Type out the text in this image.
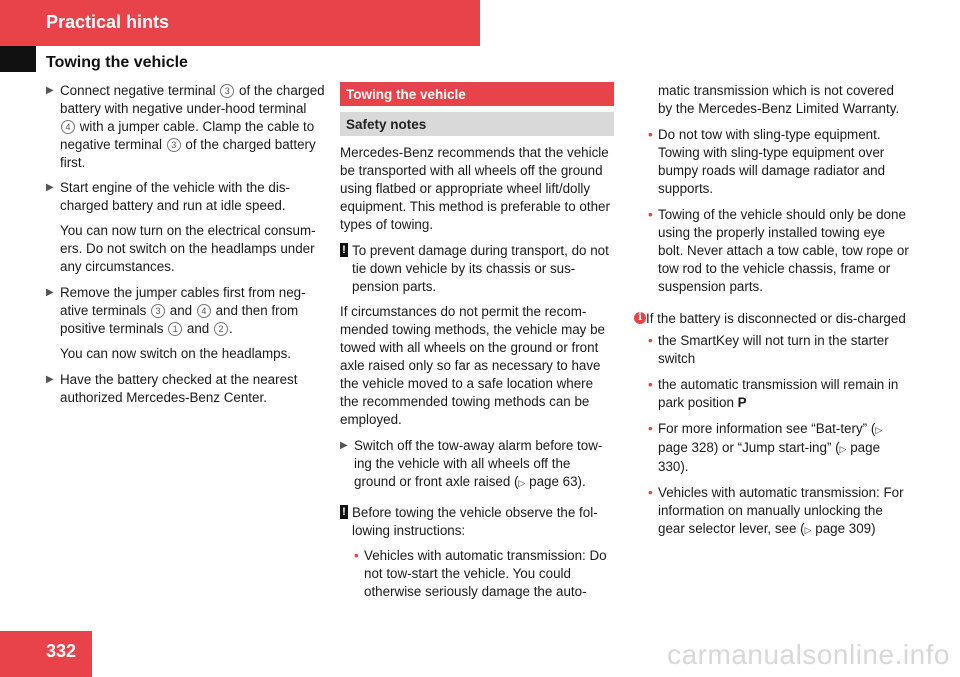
Practical hints
Towing the vehicle
▶ Connect negative terminal 3 of the charged battery with negative under-hood terminal 4 with a jumper cable. Clamp the cable to negative terminal 3 of the charged battery first.
▶ Start engine of the vehicle with the dis-charged battery and run at idle speed.

You can now turn on the electrical consum-ers. Do not switch on the headlamps under any circumstances.

▶ Remove the jumper cables first from neg-ative terminals 3 and 4 and then from positive terminals 1 and 2 .

You can now switch on the headlamps.

▶ Have the battery checked at the nearest authorized Mercedes-Benz Center.
Towing the vehicle
Safety notes

Mercedes-Benz recommends that the vehicle be transported with all wheels off the ground using flatbed or appropriate wheel lift/dolly equipment. This method is preferable to other types of towing.

! To prevent damage during transport, do not tie down vehicle by its chassis or sus-pension parts.

If circumstances do not permit the recom-mended towing methods, the vehicle may be towed with all wheels on the ground or front axle raised only so far as necessary to have the vehicle moved to a safe location where the recommended towing methods can be employed.

▶ Switch off the tow-away alarm before tow-ing the vehicle with all wheels off the ground or front axle raised (▷ page 63).
! Before towing the vehicle observe the fol-lowing instructions:
• Vehicles with automatic transmission: Do not tow-start the vehicle. You could otherwise seriously damage the auto-

matic transmission which is not covered by the Mercedes-Benz Limited Warranty.

• Do not tow with sling-type equipment. Towing with sling-type equipment over bumpy roads will damage radiator and supports.
• Towing of the vehicle should only be done using the properly installed towing eye bolt. Never attach a tow cable, tow rope or tow rod to the vehicle chassis, frame or suspension parts.
i If the battery is disconnected or dis-charged
• the SmartKey will not turn in the starter switch
• the automatic transmission will remain in park position P
• For more information see “Bat-tery” (▷ page 328) or “Jump start-ing” (▷ page 330).
• Vehicles with automatic transmission: For information on manually unlocking the gear selector lever, see (▷ page 309)
332	carmanualsonline.info
